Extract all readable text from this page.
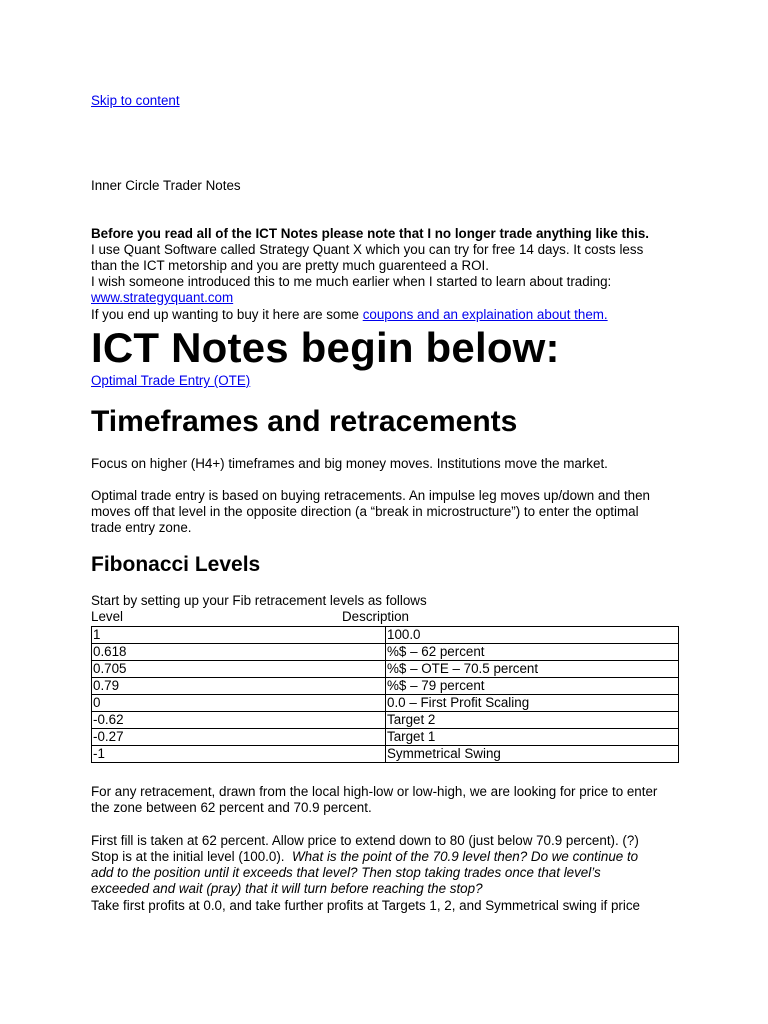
Skip to content
Inner Circle Trader Notes
Before you read all of the ICT Notes please note that I no longer trade anything like this.
I use Quant Software called Strategy Quant X which you can try for free 14 days. It costs less
than the ICT metorship and you are pretty much guarenteed a ROI.
I wish someone introduced this to me much earlier when I started to learn about trading:
www.strategyquant.com
If you end up wanting to buy it here are some coupons and an explaination about them.
ICT Notes begin below:
Optimal Trade Entry (OTE)
Timeframes and retracements
Focus on higher (H4+) timeframes and big money moves. Institutions move the market.
Optimal trade entry is based on buying retracements. An impulse leg moves up/down and then
moves off that level in the opposite direction (a “break in microstructure”) to enter the optimal
trade entry zone.
Fibonacci Levels
Start by setting up your Fib retracement levels as follows
Level	Description
1	100.0
0.618	%$ – 62 percent
0.705	%$ – OTE – 70.5 percent
0.79	%$ – 79 percent
0	0.0 – First Profit Scaling
-0.62	Target 2
-0.27	Target 1
-1	Symmetrical Swing
For any retracement, drawn from the local high-low or low-high, we are looking for price to enter
the zone between 62 percent and 70.9 percent.
First fill is taken at 62 percent. Allow price to extend down to 80 (just below 70.9 percent). (?)
Stop is at the initial level (100.0).  What is the point of the 70.9 level then? Do we continue to
add to the position until it exceeds that level? Then stop taking trades once that level’s
exceeded and wait (pray) that it will turn before reaching the stop?
Take first profits at 0.0, and take further profits at Targets 1, 2, and Symmetrical swing if price
